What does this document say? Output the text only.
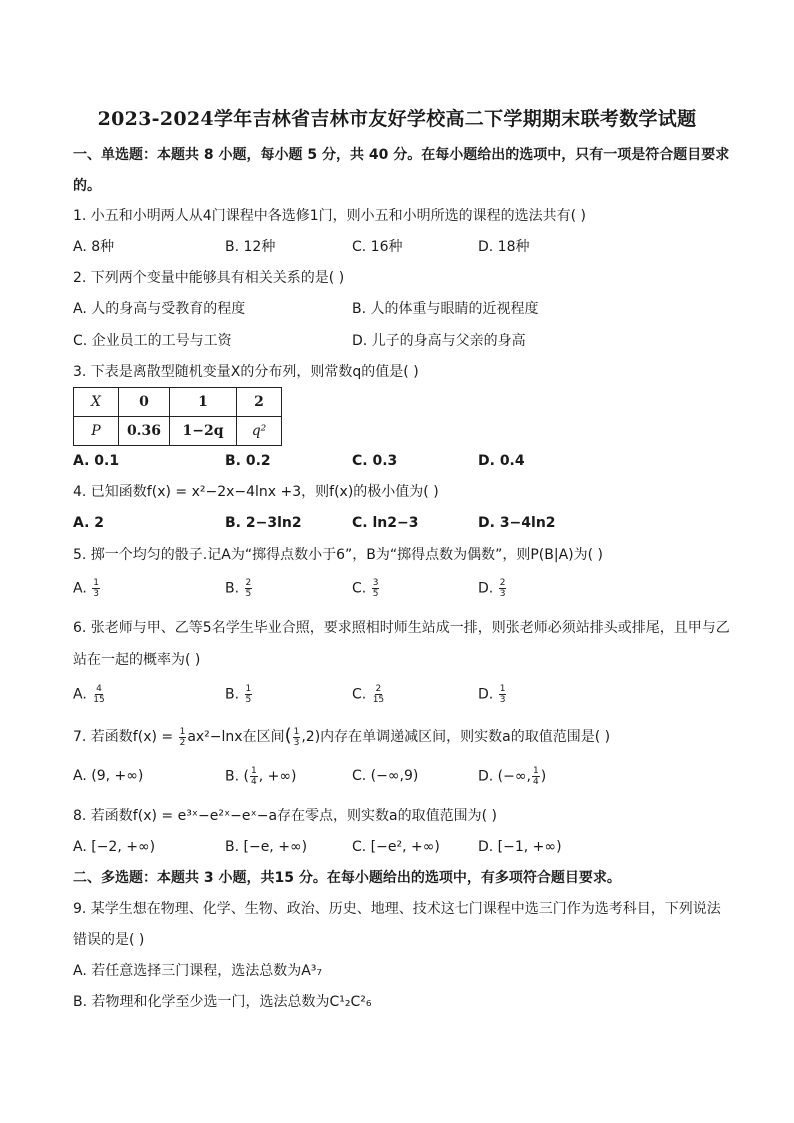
2023-2024学年吉林省吉林市友好学校高二下学期期末联考数学试题
一、单选题：本题共 8 小题，每小题 5 分，共 40 分。在每小题给出的选项中，只有一项是符合题目要求
的。
1. 小五和小明两人从4门课程中各选修1门，则小五和小明所选的课程的选法共有( )
A. 8种	B. 12种	C. 16种	D. 18种
2. 下列两个变量中能够具有相关关系的是( )
A. 人的身高与受教育的程度	B. 人的体重与眼睛的近视程度
C. 企业员工的工号与工资	D. 儿子的身高与父亲的身高
3. 下表是离散型随机变量X的分布列，则常数q的值是( )
X	0	1	2
P	0.36	1−2q	q²
A. 0.1	B. 0.2	C. 0.3	D. 0.4
4. 已知函数f(x) = x²−2x−4lnx +3，则f(x)的极小值为( )
A. 2	B. 2−3ln2	C. ln2−3	D. 3−4ln2
5. 掷一个均匀的骰子.记A为“掷得点数小于6”，B为“掷得点数为偶数”，则P(B|A)为( )
A. $\frac{1}{3}$	B. $\frac{2}{5}$	C. $\frac{3}{5}$	D. $\frac{2}{3}$
6. 张老师与甲、乙等5名学生毕业合照，要求照相时师生站成一排，则张老师必须站排头或排尾，且甲与乙
站在一起的概率为( )
A. $\frac{4}{15}$	B. $\frac{1}{5}$	C. $\frac{2}{15}$	D. $\frac{1}{3}$
7. 若函数$f(x) = \frac{1}{2} ax^2-\ln x$在区间( $\frac{1}{3} ,2$)内存在单调递减区间，则实数a的取值范围是( )
A. (9, +∞)	B. ( $\frac{1}{4}$ , +∞)	C. (−∞,9)	D. (−∞, $\frac{1}{4}$ )
8. 若函数f(x) = e³ˣ−e²ˣ−eˣ−a存在零点，则实数a的取值范围为( )
A. [−2, +∞)	B. [−e, +∞)	C. [−e², +∞)	D. [−1, +∞)
二、多选题：本题共 3 小题，共15 分。在每小题给出的选项中，有多项符合题目要求。
9. 某学生想在物理、化学、生物、政治、历史、地理、技术这七门课程中选三门作为选考科目，下列说法
错误的是( )
A. 若任意选择三门课程，选法总数为A³₇
B. 若物理和化学至少选一门，选法总数为C¹₂C²₆
